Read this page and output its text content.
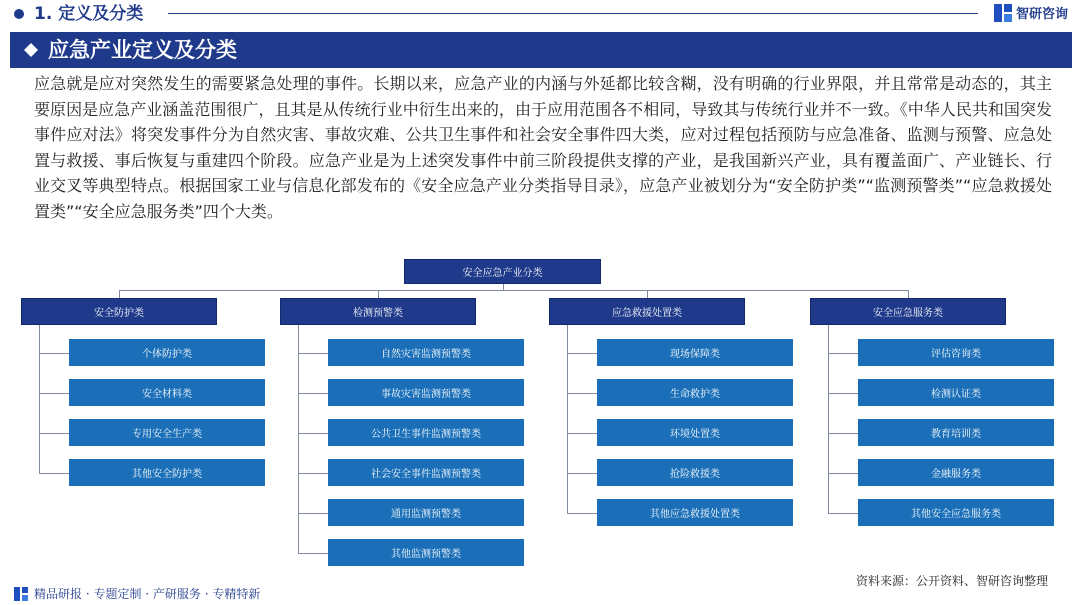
1. 定义及分类	智研咨询
应急产业定义及分类

应急就是应对突然发生的需要紧急处理的事件。长期以来，应急产业的内涵与外延都比较含糊，没有明确的行业界限，并且常常是动态的，其主要原因是应急产业涵盖范围很广，且其是从传统行业中衍生出来的，由于应用范围各不相同，导致其与传统行业并不一致。《中华人民共和国突发事件应对法》将突发事件分为自然灾害、事故灾难、公共卫生事件和社会安全事件四大类，应对过程包括预防与应急准备、监测与预警、应急处置与救援、事后恢复与重建四个阶段。应急产业是为上述突发事件中前三阶段提供支撑的产业，是我国新兴产业，具有覆盖面广、产业链长、行业交叉等典型特点。根据国家工业与信息化部发布的《安全应急产业分类指导目录》，应急产业被划分为“安全防护类”“监测预警类”“应急救援处置类”“安全应急服务类”四个大类。

安全应急产业分类
安全防护类
个体防护类
安全材料类
专用安全生产类
其他安全防护类
检测预警类
自然灾害监测预警类
事故灾害监测预警类
公共卫生事件监测预警类
社会安全事件监测预警类
通用监测预警类
其他监测预警类
应急救援处置类
现场保障类
生命救护类
环境处置类
抢险救援类
其他应急救援处置类
安全应急服务类
评估咨询类
检测认证类
教育培训类
金融服务类
其他安全应急服务类
精品研报 · 专题定制 · 产研服务 · 专精特新
资料来源：公开资料、智研咨询整理
